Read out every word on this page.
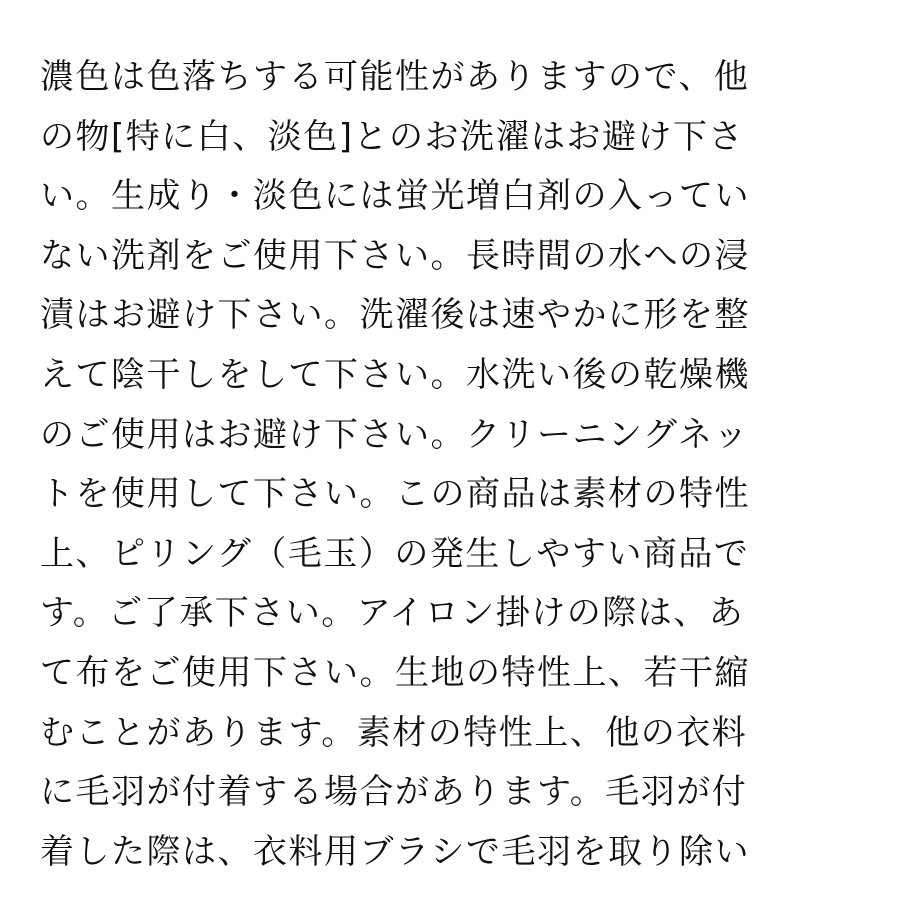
濃色は色落ちする可能性がありますので、他
の物[特に白、淡色]とのお洗濯はお避け下さ
い。生成り・淡色には蛍光増白剤の入ってい
ない洗剤をご使用下さい。長時間の水への浸
漬はお避け下さい。洗濯後は速やかに形を整
えて陰干しをして下さい。水洗い後の乾燥機
のご使用はお避け下さい。クリーニングネッ
トを使用して下さい。この商品は素材の特性
上、ピリング（毛玉）の発生しやすい商品で
す。ご了承下さい。アイロン掛けの際は、あ
て布をご使用下さい。生地の特性上、若干縮
むことがあります。素材の特性上、他の衣料
に毛羽が付着する場合があります。毛羽が付
着した際は、衣料用ブラシで毛羽を取り除い
